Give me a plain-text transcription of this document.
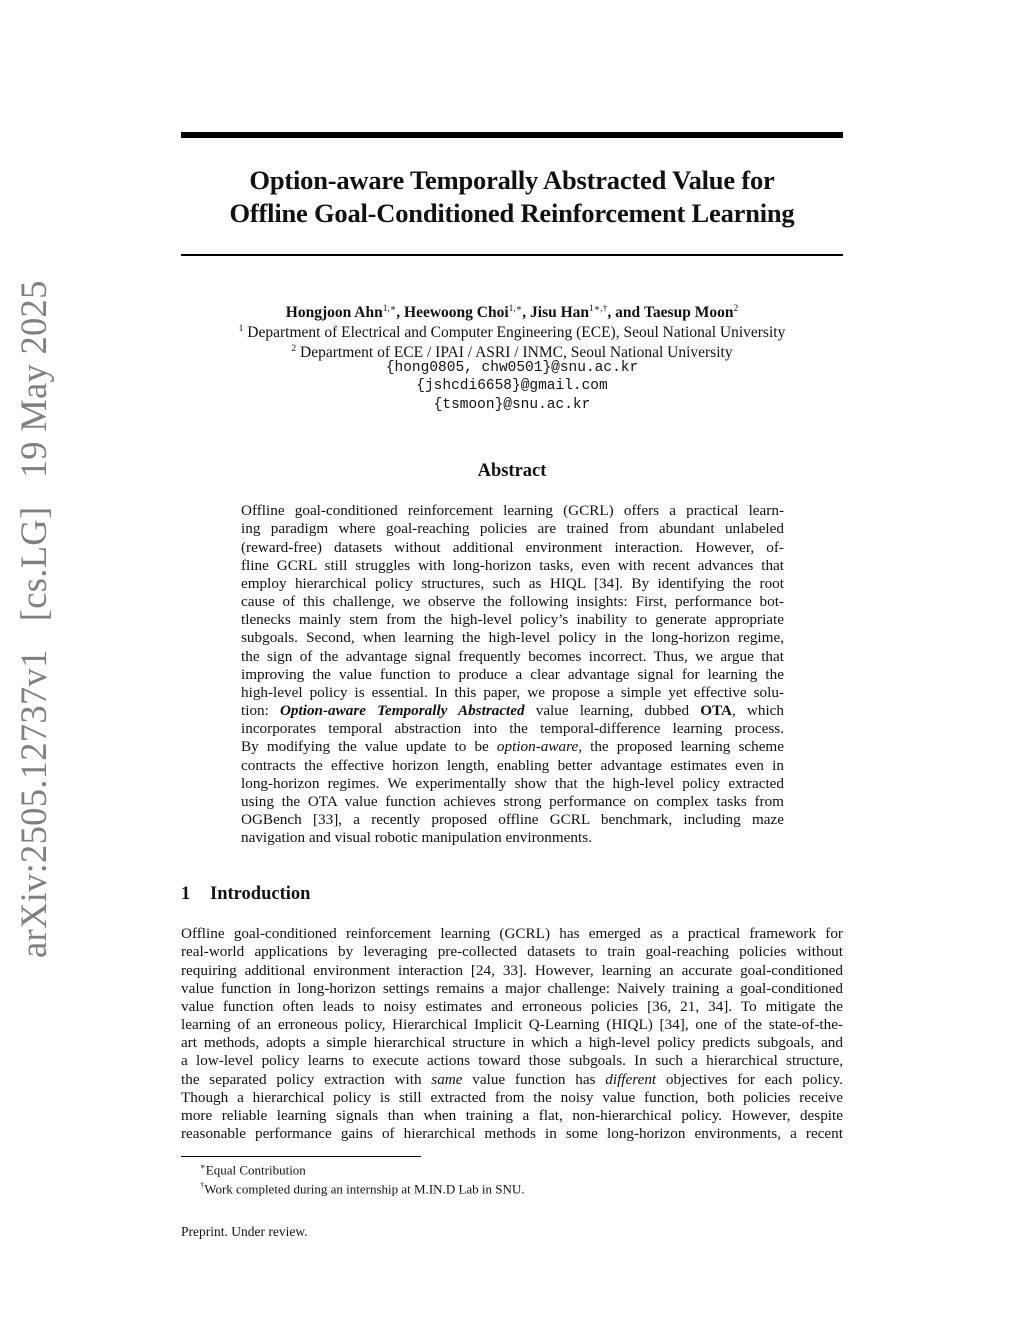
arXiv:2505.12737v1   [cs.LG]   19 May 2025
Option-aware Temporally Abstracted Value for
Offline Goal-Conditioned Reinforcement Learning
Hongjoon Ahn$^{1,∗}$, Heewoong Choi$^{1,∗}$, Jisu Han$^{1∗,\dagger}$, and Taesup Moon$^2$
$^1$ Department of Electrical and Computer Engineering (ECE), Seoul National University
$^2$ Department of ECE / IPAI / ASRI / INMC, Seoul National University
{hong0805, chw0501}@snu.ac.kr
{jshcdi6658}@gmail.com
{tsmoon}@snu.ac.kr
Abstract
Offline goal-conditioned reinforcement learning (GCRL) offers a practical learn-
ing paradigm where goal-reaching policies are trained from abundant unlabeled
(reward-free) datasets without additional environment interaction. However, of-
fline GCRL still struggles with long-horizon tasks, even with recent advances that
employ hierarchical policy structures, such as HIQL [34]. By identifying the root
cause of this challenge, we observe the following insights: First, performance bot-
tlenecks mainly stem from the high-level policy’s inability to generate appropriate
subgoals. Second, when learning the high-level policy in the long-horizon regime,
the sign of the advantage signal frequently becomes incorrect. Thus, we argue that
improving the value function to produce a clear advantage signal for learning the
high-level policy is essential. In this paper, we propose a simple yet effective solu-
tion: Option-aware Temporally Abstracted value learning, dubbed OTA, which
incorporates temporal abstraction into the temporal-difference learning process.
By modifying the value update to be option-aware, the proposed learning scheme
contracts the effective horizon length, enabling better advantage estimates even in
long-horizon regimes. We experimentally show that the high-level policy extracted
using the OTA value function achieves strong performance on complex tasks from
OGBench [33], a recently proposed offline GCRL benchmark, including maze
navigation and visual robotic manipulation environments.
1 Introduction
Offline goal-conditioned reinforcement learning (GCRL) has emerged as a practical framework for
real-world applications by leveraging pre-collected datasets to train goal-reaching policies without
requiring additional environment interaction [24, 33]. However, learning an accurate goal-conditioned
value function in long-horizon settings remains a major challenge: Naively training a goal-conditioned
value function often leads to noisy estimates and erroneous policies [36, 21, 34]. To mitigate the
learning of an erroneous policy, Hierarchical Implicit Q-Learning (HIQL) [34], one of the state-of-the-
art methods, adopts a simple hierarchical structure in which a high-level policy predicts subgoals, and
a low-level policy learns to execute actions toward those subgoals. In such a hierarchical structure,
the separated policy extraction with same value function has different objectives for each policy.
Though a hierarchical policy is still extracted from the noisy value function, both policies receive
more reliable learning signals than when training a flat, non-hierarchical policy. However, despite
reasonable performance gains of hierarchical methods in some long-horizon environments, a recent
∗Equal Contribution
†Work completed during an internship at M.IN.D Lab in SNU.
Preprint. Under review.
